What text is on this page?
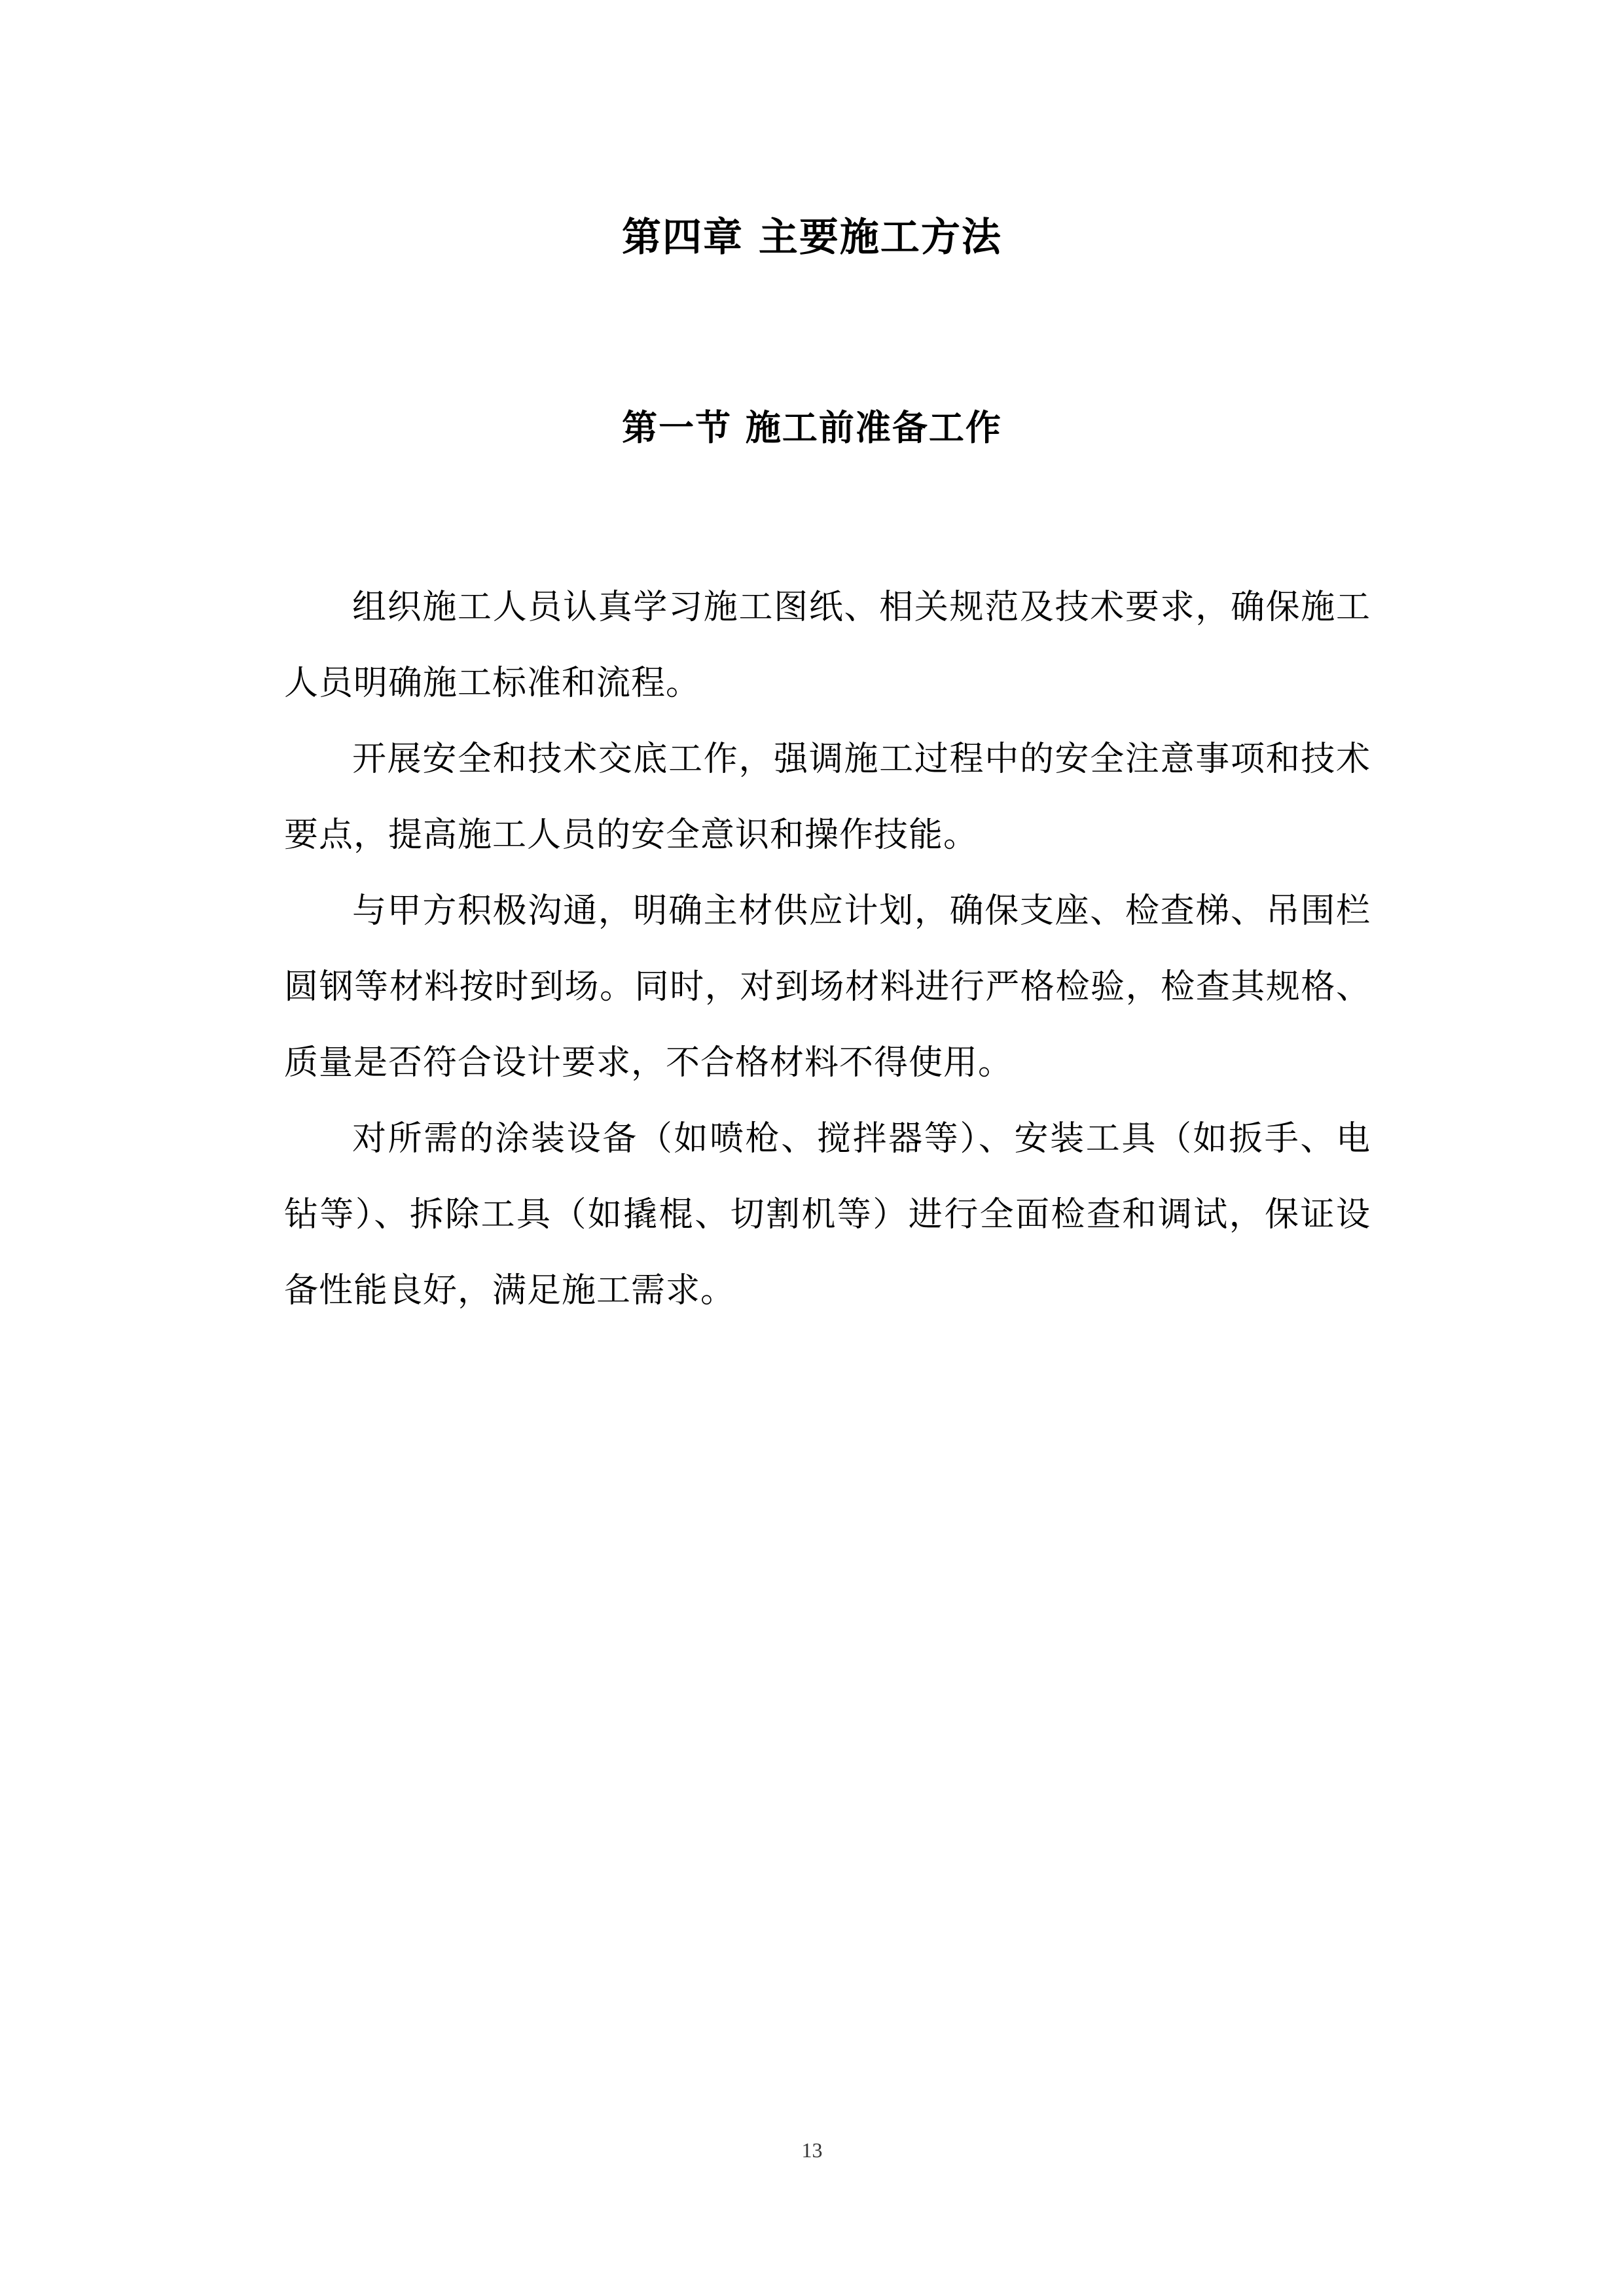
第四章 主要施工方法
第一节 施工前准备工作

组织施工人员认真学习施工图纸、相关规范及技术要求，确保施工人员明确施工标准和流程。

开展安全和技术交底工作，强调施工过程中的安全注意事项和技术要点，提高施工人员的安全意识和操作技能。

与甲方积极沟通，明确主材供应计划，确保支座、检查梯、吊围栏圆钢等材料按时到场。同时，对到场材料进行严格检验，检查其规格、质量是否符合设计要求，不合格材料不得使用。

对所需的涂装设备（如喷枪、搅拌器等）、安装工具（如扳手、电钻等）、拆除工具（如撬棍、切割机等）进行全面检查和调试，保证设备性能良好，满足施工需求。

13
